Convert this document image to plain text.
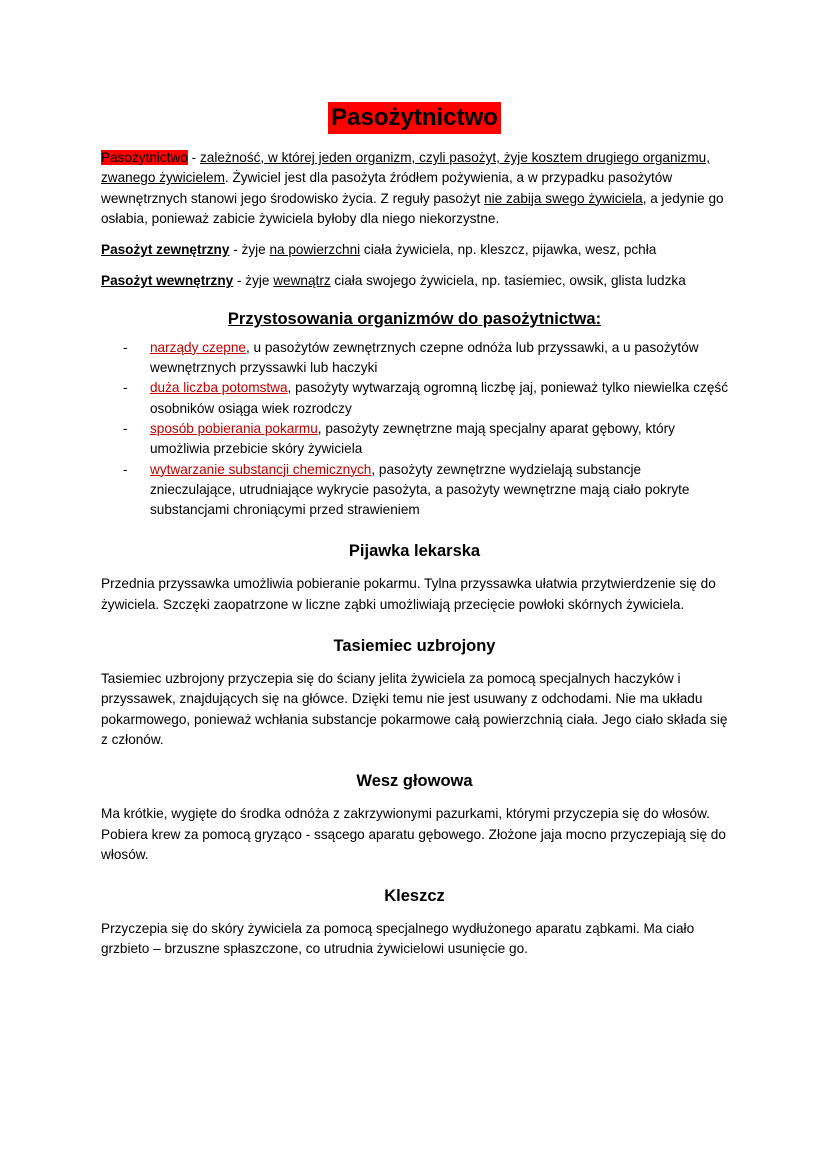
Pasożytnictwo

Pasożytnictwo - zależność, w której jeden organizm, czyli pasożyt, żyje kosztem drugiego organizmu, zwanego żywicielem. Żywiciel jest dla pasożyta źródłem pożywienia, a w przypadku pasożytów wewnętrznych stanowi jego środowisko życia. Z reguły pasożyt nie zabija swego żywiciela, a jedynie go osłabia, ponieważ zabicie żywiciela byłoby dla niego niekorzystne.

Pasożyt zewnętrzny - żyje na powierzchni ciała żywiciela, np. kleszcz, pijawka, wesz, pchła

Pasożyt wewnętrzny - żyje wewnątrz ciała swojego żywiciela, np. tasiemiec, owsik, glista ludzka

Przystosowania organizmów do pasożytnictwa:
- narządy czepne, u pasożytów zewnętrznych czepne odnóża lub przyssawki, a u pasożytów wewnętrznych przyssawki lub haczyki
- duża liczba potomstwa, pasożyty wytwarzają ogromną liczbę jaj, ponieważ tylko niewielka część osobników osiąga wiek rozrodczy
- sposób pobierania pokarmu, pasożyty zewnętrzne mają specjalny aparat gębowy, który umożliwia przebicie skóry żywiciela
- wytwarzanie substancji chemicznych, pasożyty zewnętrzne wydzielają substancje znieczulające, utrudniające wykrycie pasożyta, a pasożyty wewnętrzne mają ciało pokryte substancjami chroniącymi przed strawieniem
Pijawka lekarska

Przednia przyssawka umożliwia pobieranie pokarmu. Tylna przyssawka ułatwia przytwierdzenie się do żywiciela. Szczęki zaopatrzone w liczne ząbki umożliwiają przecięcie powłoki skórnych żywiciela.

Tasiemiec uzbrojony

Tasiemiec uzbrojony przyczepia się do ściany jelita żywiciela za pomocą specjalnych haczyków i przyssawek, znajdujących się na główce. Dzięki temu nie jest usuwany z odchodami. Nie ma układu pokarmowego, ponieważ wchłania substancje pokarmowe całą powierzchnią ciała. Jego ciało składa się z członów.

Wesz głowowa

Ma krótkie, wygięte do środka odnóża z zakrzywionymi pazurkami, którymi przyczepia się do włosów. Pobiera krew za pomocą gryząco - ssącego aparatu gębowego. Złożone jaja mocno przyczepiają się do włosów.

Kleszcz

Przyczepia się do skóry żywiciela za pomocą specjalnego wydłużonego aparatu ząbkami. Ma ciało grzbieto – brzuszne spłaszczone, co utrudnia żywicielowi usunięcie go.
